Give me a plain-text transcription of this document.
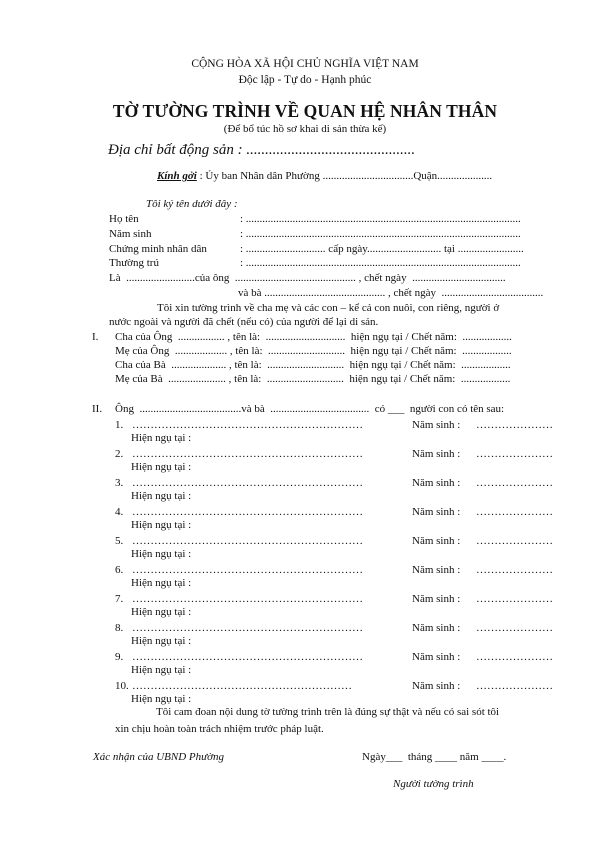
CỘNG HÒA XÃ HỘI CHỦ NGHĨA VIỆT NAM
Độc lập - Tự do - Hạnh phúc
TỜ TƯỜNG TRÌNH VỀ QUAN HỆ NHÂN THÂN
(Để bổ túc hồ sơ khai di sản thừa kế)
Địa chỉ bất động sản : .............................................
Kính gởi : Ủy ban Nhân dân Phường .................................Quận....................
Tôi ký tên dưới đây :
Họ tên	: ....................................................................................................
Năm sinh	: ....................................................................................................
Chứng minh nhân dân	: ............................. cấp ngày........................... tại ........................
Thường trú	: ....................................................................................................
Là  .........................của ông  ............................................ , chết ngày  ..................................
và bà ............................................ , chết ngày  .....................................
Tôi xin tường trình về cha mẹ và các con – kể cả con nuôi, con riêng, người ở
nước ngoài và người đã chết (nếu có) của người để lại di sản.
I. Cha của Ông  ................. , tên là:  .............................  hiện ngụ tại / Chết năm:  ..................
Mẹ của Ông  ................... , tên là:  ............................  hiện ngụ tại / Chết năm:  ..................
Cha của Bà  .................... , tên là:  ............................  hiện ngụ tại / Chết năm:  ..................
Mẹ của Bà  ..................... , tên là:  ............................  hiện ngụ tại / Chết năm:  ..................
II. Ông  .....................................và bà  ....................................  có ___  người con có tên sau:
1. ………………………………………………………	Năm sinh : …………………
Hiện ngụ tại :
2. ………………………………………………………	Năm sinh : …………………
Hiện ngụ tại :
3. ………………………………………………………	Năm sinh : …………………
Hiện ngụ tại :
4. ………………………………………………………	Năm sinh : …………………
Hiện ngụ tại :
5. ………………………………………………………	Năm sinh : …………………
Hiện ngụ tại :
6. ………………………………………………………	Năm sinh : …………………
Hiện ngụ tại :
7. ………………………………………………………	Năm sinh : …………………
Hiện ngụ tại :
8. ………………………………………………………	Năm sinh : …………………
Hiện ngụ tại :
9. ………………………………………………………	Năm sinh : …………………
Hiện ngụ tại :
10. ……………………………………………………	Năm sinh : …………………
Hiện ngụ tại :
Tôi cam đoan nội dung tờ tường trình trên là đúng sự thật và nếu có sai sót tôi
xin chịu hoàn toàn trách nhiệm trước pháp luật.
Xác nhận của UBND Phường	Ngày___  tháng ____ năm ____.
Người tường trình
